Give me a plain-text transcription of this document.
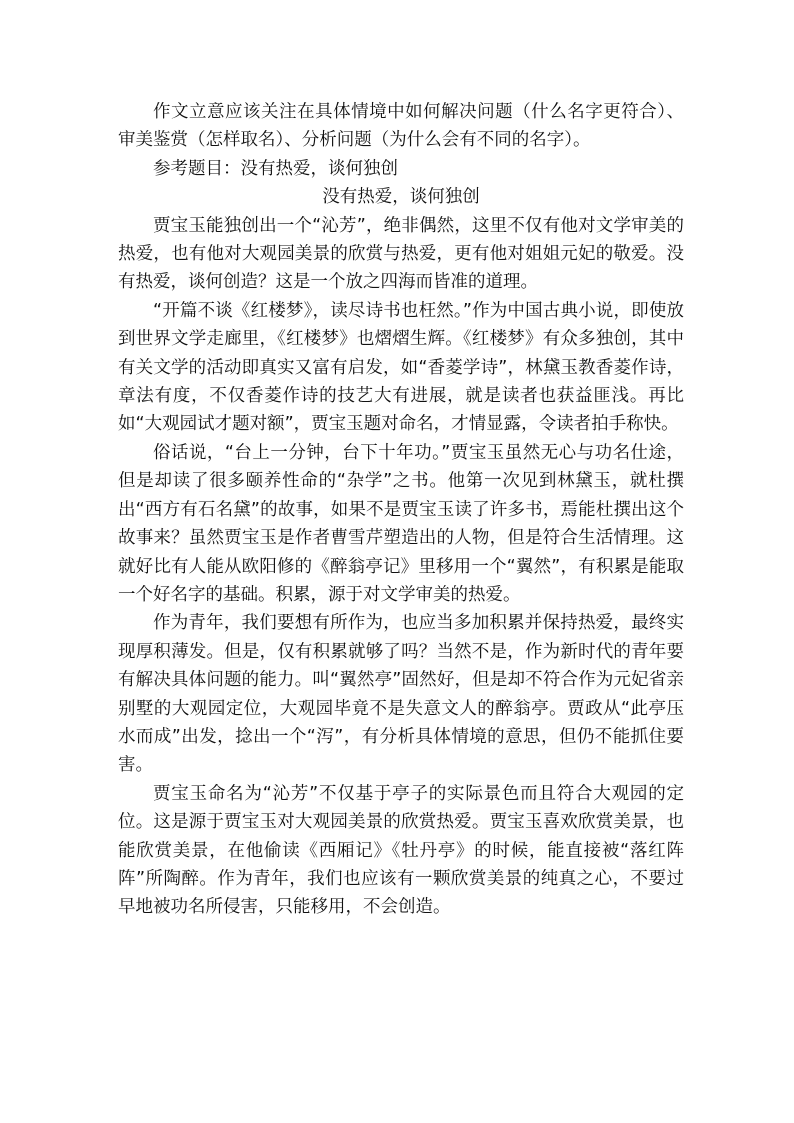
作文立意应该关注在具体情境中如何解决问题（什么名字更符合）、审美鉴赏（怎样取名）、分析问题（为什么会有不同的名字）。

参考题目：没有热爱，谈何独创

没有热爱，谈何独创

贾宝玉能独创出一个“沁芳”，绝非偶然，这里不仅有他对文学审美的热爱，也有他对大观园美景的欣赏与热爱，更有他对姐姐元妃的敬爱。没有热爱，谈何创造？这是一个放之四海而皆准的道理。

“开篇不谈《红楼梦》，读尽诗书也枉然。”作为中国古典小说，即使放到世界文学走廊里，《红楼梦》也熠熠生辉。《红楼梦》有众多独创，其中有关文学的活动即真实又富有启发，如“香菱学诗”，林黛玉教香菱作诗，章法有度，不仅香菱作诗的技艺大有进展，就是读者也获益匪浅。再比如“大观园试才题对额”，贾宝玉题对命名，才情显露，令读者拍手称快。

俗话说，“台上一分钟，台下十年功。”贾宝玉虽然无心与功名仕途，但是却读了很多颐养性命的“杂学”之书。他第一次见到林黛玉，就杜撰出“西方有石名黛”的故事，如果不是贾宝玉读了许多书，焉能杜撰出这个故事来？虽然贾宝玉是作者曹雪芹塑造出的人物，但是符合生活情理。这就好比有人能从欧阳修的《醉翁亭记》里移用一个“翼然”，有积累是能取一个好名字的基础。积累，源于对文学审美的热爱。

作为青年，我们要想有所作为，也应当多加积累并保持热爱，最终实现厚积薄发。但是，仅有积累就够了吗？当然不是，作为新时代的青年要有解决具体问题的能力。叫“翼然亭”固然好，但是却不符合作为元妃省亲别墅的大观园定位，大观园毕竟不是失意文人的醉翁亭。贾政从“此亭压水而成”出发，捻出一个“泻”，有分析具体情境的意思，但仍不能抓住要害。

贾宝玉命名为“沁芳”不仅基于亭子的实际景色而且符合大观园的定位。这是源于贾宝玉对大观园美景的欣赏热爱。贾宝玉喜欢欣赏美景，也能欣赏美景，在他偷读《西厢记》《牡丹亭》的时候，能直接被“落红阵阵”所陶醉。作为青年，我们也应该有一颗欣赏美景的纯真之心，不要过早地被功名所侵害，只能移用，不会创造。
